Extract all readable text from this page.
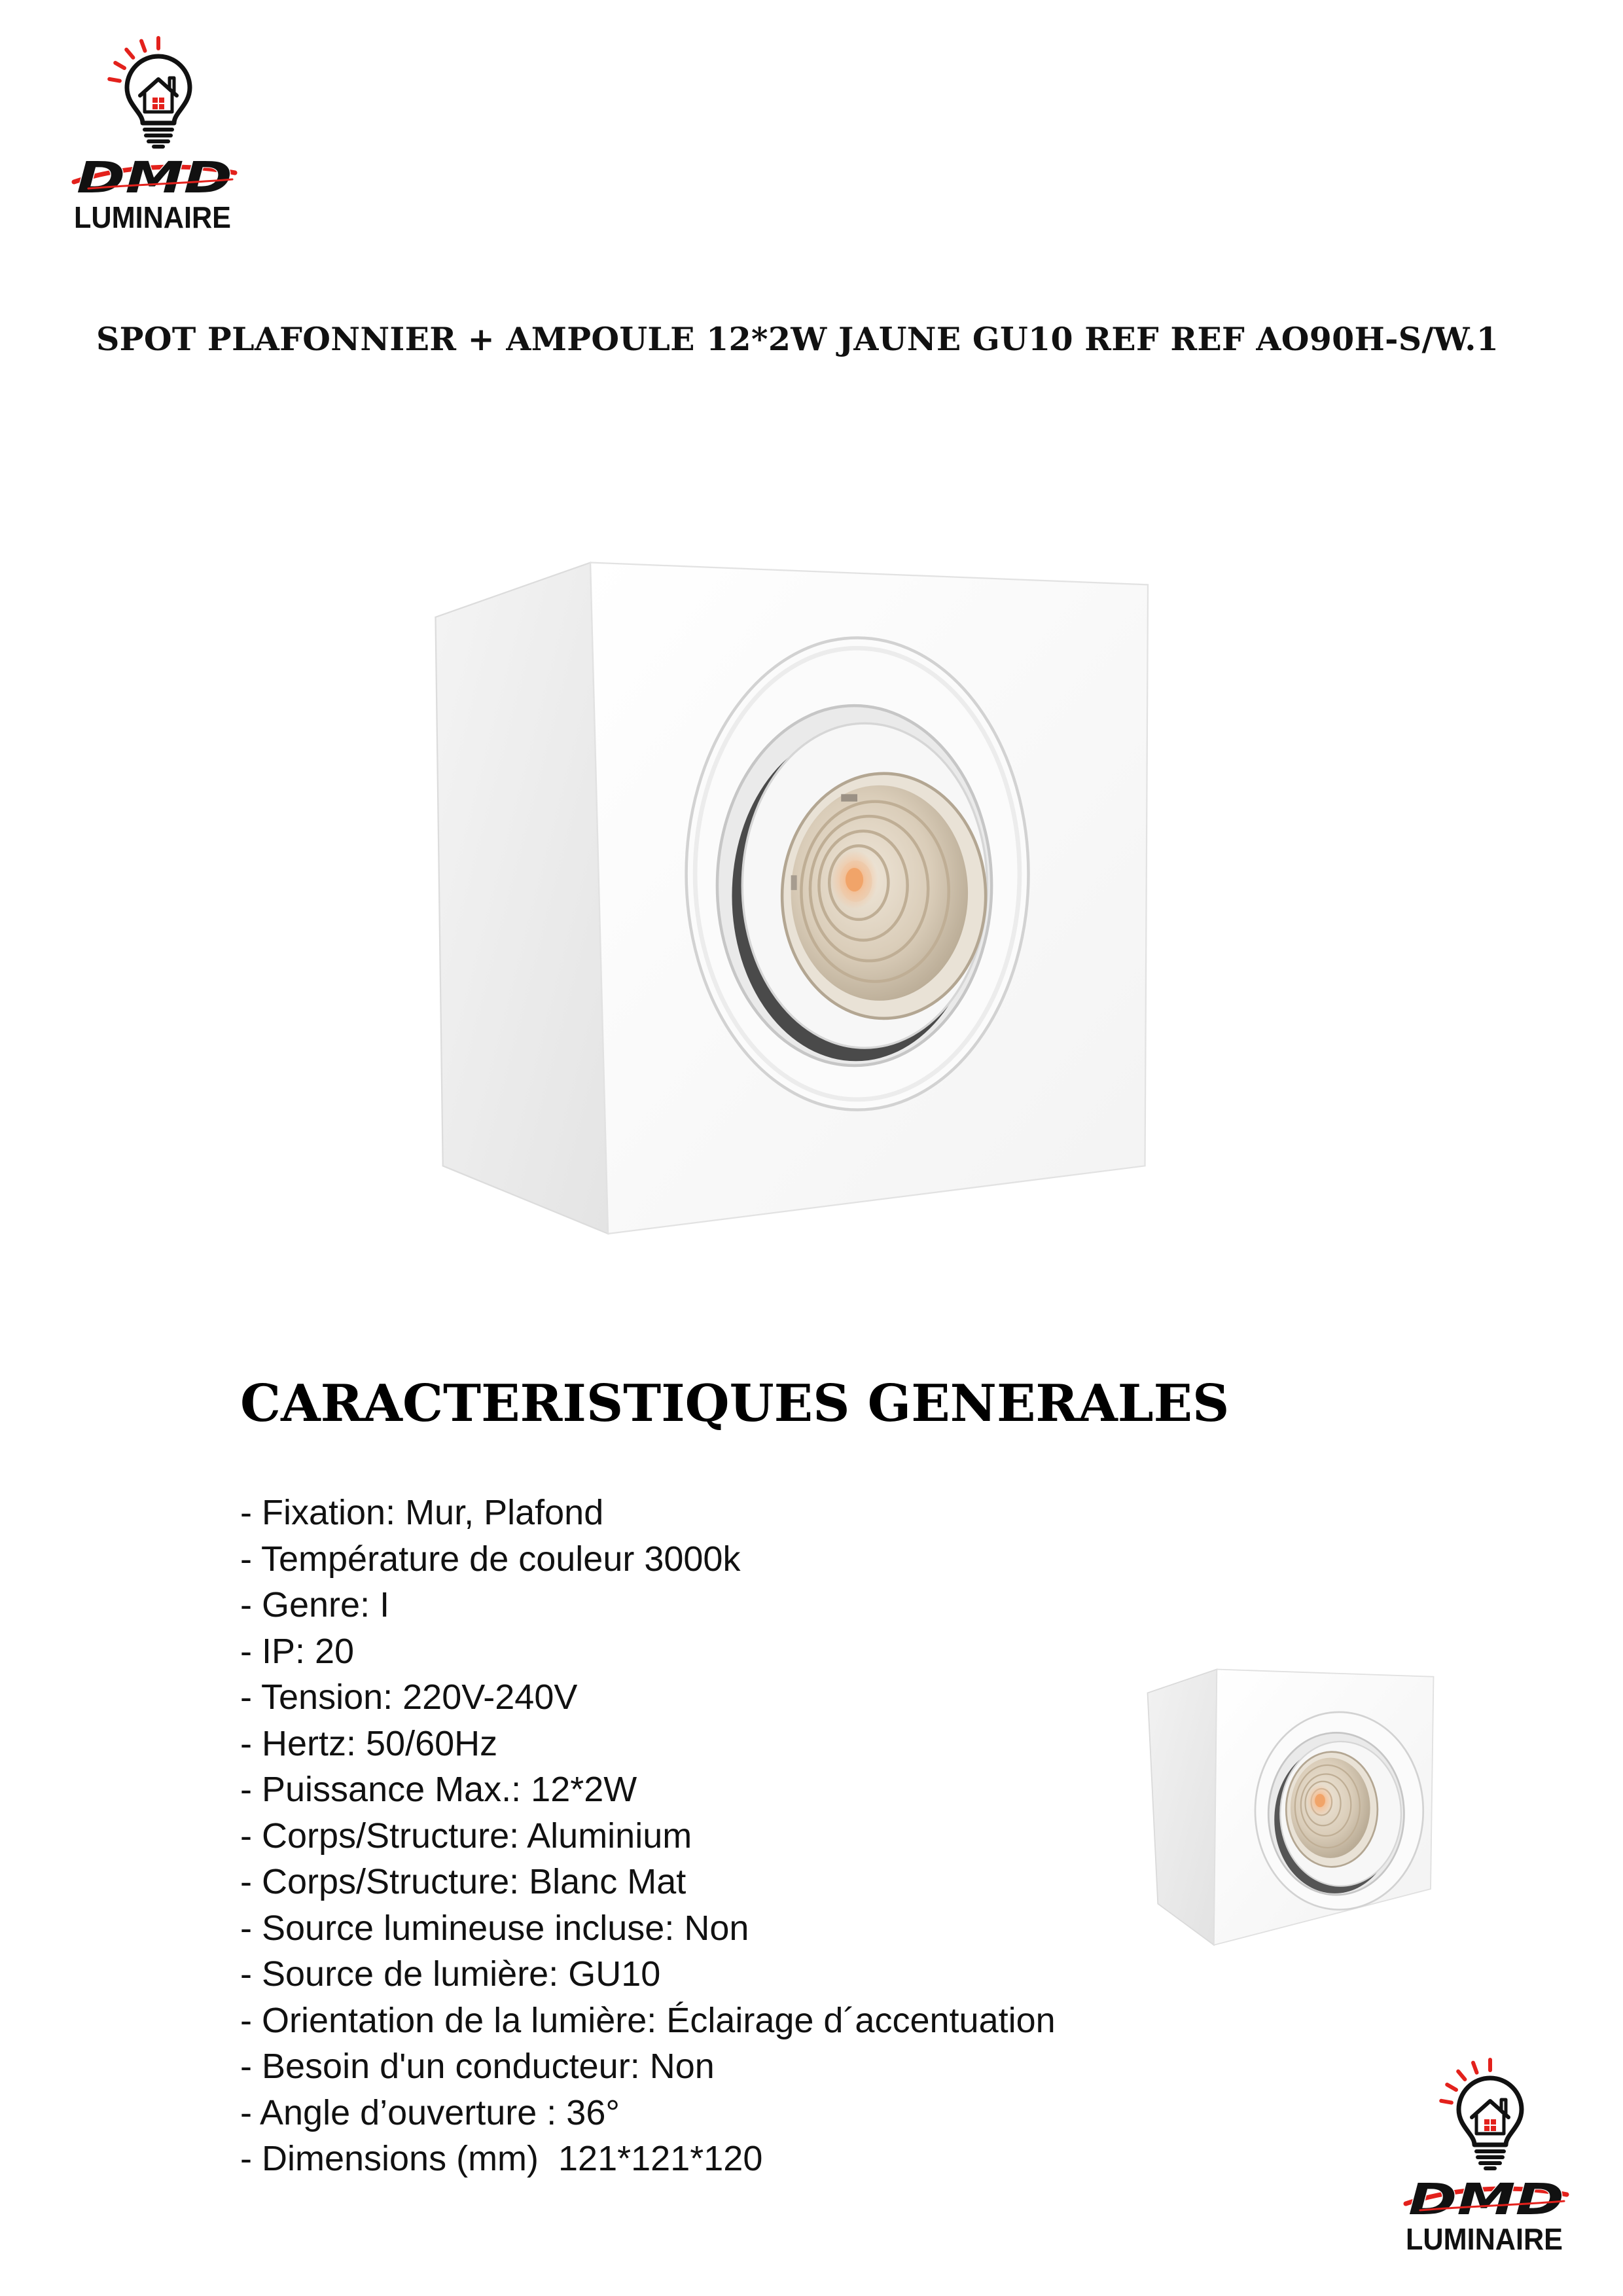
DMD
LUMINAIRE
SPOT PLAFONNIER + AMPOULE 12*2W JAUNE GU10 REF REF AO90H-S/W.1
CARACTERISTIQUES GENERALES
- Fixation: Mur, Plafond
- Température de couleur 3000k
- Genre: I
- IP: 20
- Tension: 220V-240V
- Hertz: 50/60Hz
- Puissance Max.: 12*2W
- Corps/Structure: Aluminium
- Corps/Structure: Blanc Mat
- Source lumineuse incluse: Non
- Source de lumière: GU10
- Orientation de la lumière: Éclairage d´accentuation
- Besoin d'un conducteur: Non
- Angle d’ouverture : 36°
- Dimensions (mm)  121*121*120
DMD
LUMINAIRE
